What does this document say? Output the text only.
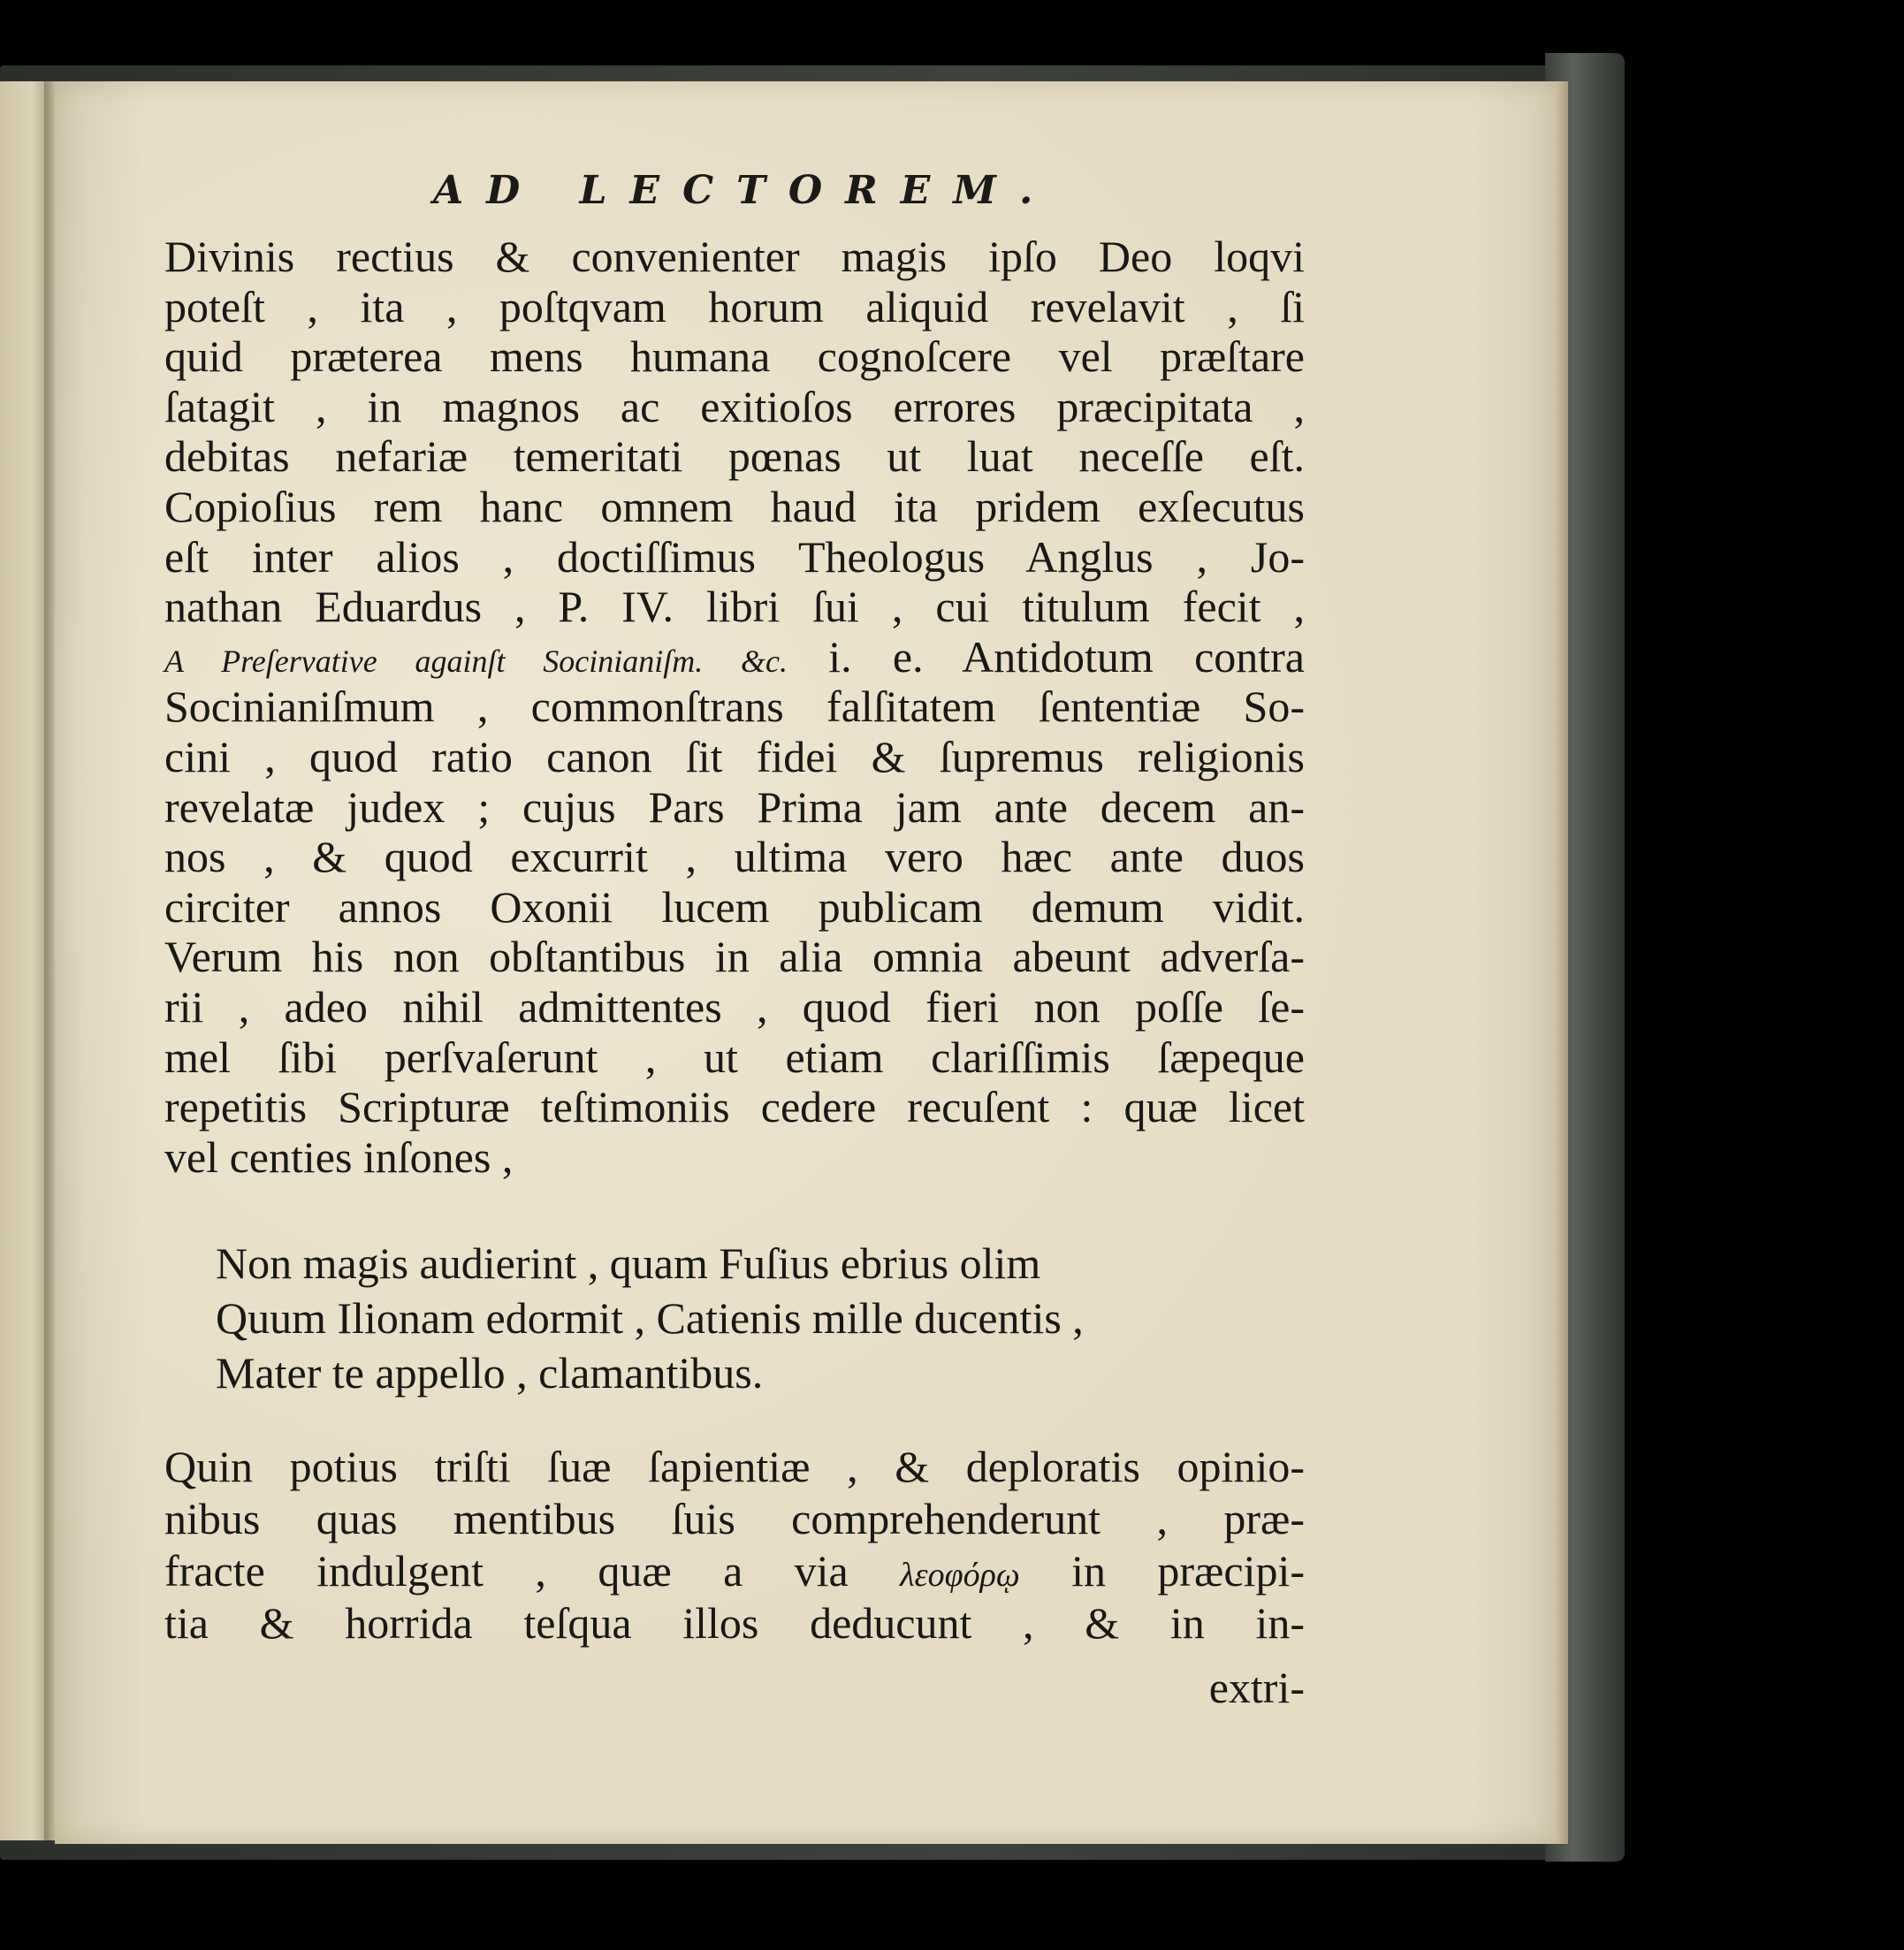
AD LECTOREM.
Divinis rectius & convenienter magis ipſo Deo loqvi
poteſt , ita , poſtqvam horum aliquid revelavit , ſi
quid præterea mens humana cognoſcere vel præſtare
ſatagit , in magnos ac exitioſos errores præcipitata ,
debitas nefariæ temeritati pœnas ut luat neceſſe eſt.
Copioſius rem hanc omnem haud ita pridem exſecutus
eſt inter alios , doctiſſimus Theologus Anglus , Jo-
nathan Eduardus , P. IV. libri ſui , cui titulum fecit ,
A Preſervative againſt Socinianiſm. &c. i. e. Antidotum contra
Socinianiſmum , commonſtrans falſitatem ſententiæ So-
cini , quod ratio canon ſit fidei & ſupremus religionis
revelatæ judex ; cujus Pars Prima jam ante decem an-
nos , & quod excurrit , ultima vero hæc ante duos
circiter annos Oxonii lucem publicam demum vidit.
Verum his non obſtantibus in alia omnia abeunt adverſa-
rii , adeo nihil admittentes , quod fieri non poſſe ſe-
mel ſibi perſvaſerunt , ut etiam clariſſimis ſæpeque
repetitis Scripturæ teſtimoniis cedere recuſent : quæ licet
vel centies inſones ,
Non magis audierint , quam Fuſius ebrius olim
Quum Ilionam edormit , Catienis mille ducentis ,
Mater te appello , clamantibus.
Quin potius triſti ſuæ ſapientiæ , & deploratis opinio-
nibus quas mentibus ſuis comprehenderunt , præ-
fracte indulgent , quæ a via λεοφόρῳ in præcipi-
tia & horrida teſqua illos deducunt , & in in-
extri-
